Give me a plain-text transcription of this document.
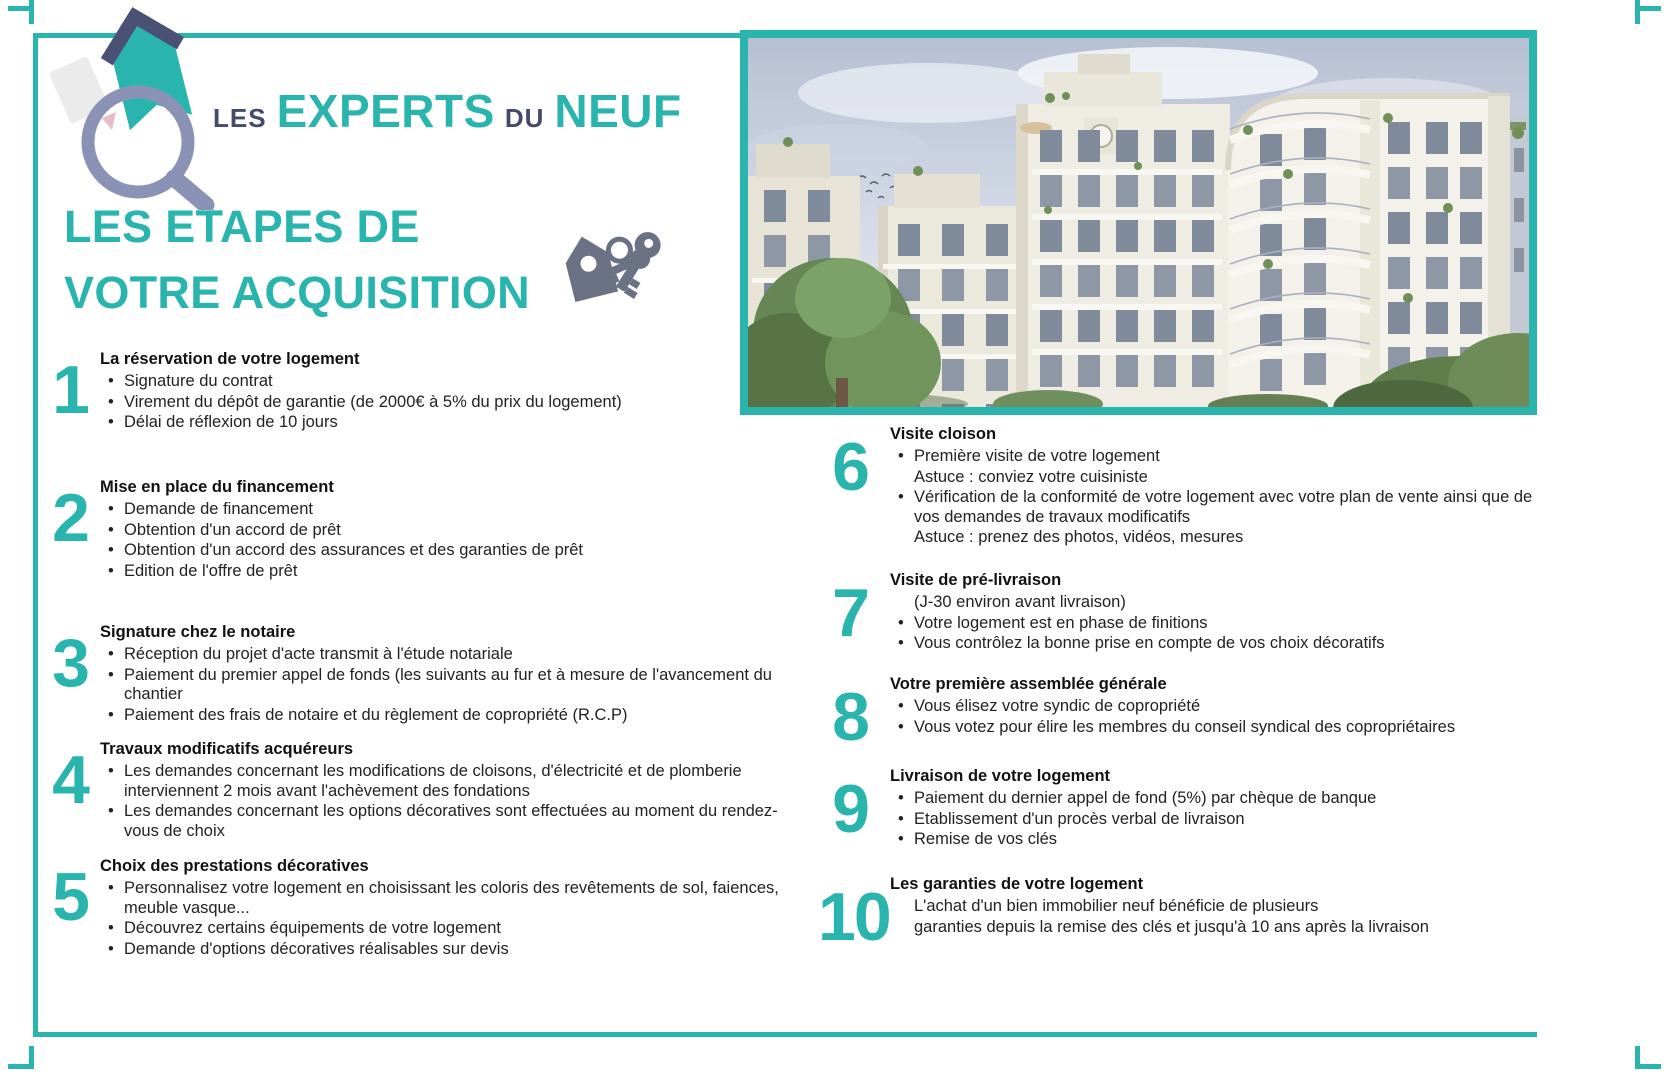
LES EXPERTS DU NEUF
LES ETAPES DE
VOTRE ACQUISITION
1 La réservation de votre logement
• Signature du contrat
• Virement du dépôt de garantie (de 2000€ à 5% du prix du logement)
• Délai de réflexion de 10 jours
2 Mise en place du financement
• Demande de financement
• Obtention d'un accord de prêt
• Obtention d'un accord des assurances et des garanties de prêt
• Edition de l'offre de prêt
3 Signature chez le notaire
• Réception du projet d'acte transmit à l'étude notariale
• Paiement du premier appel de fonds (les suivants au fur et à mesure de l'avancement du chantier
• Paiement des frais de notaire et du règlement de copropriété (R.C.P)
4 Travaux modificatifs acquéreurs
• Les demandes concernant les modifications de cloisons, d'électricité et de plomberie interviennent 2 mois avant l'achèvement des fondations
• Les demandes concernant les options décoratives sont effectuées au moment du rendez-vous de choix
5 Choix des prestations décoratives
• Personnalisez votre logement en choisissant les coloris des revêtements de sol, faiences, meuble vasque...
• Découvrez certains équipements de votre logement
• Demande d'options décoratives réalisables sur devis
6	Visite cloison
• Première visite de votre logement
Astuce : conviez votre cuisiniste
• Vérification de la conformité de votre logement avec votre plan de vente ainsi que de vos demandes de travaux modificatifs
Astuce : prenez des photos, vidéos, mesures
7	Visite de pré-livraison
(J-30 environ avant livraison)
• Votre logement est en phase de finitions
• Vous contrôlez la bonne prise en compte de vos choix décoratifs
8	Votre première assemblée générale
• Vous élisez votre syndic de copropriété
• Vous votez pour élire les membres du conseil syndical des copropriétaires
9	Livraison de votre logement
• Paiement du dernier appel de fond (5%) par chèque de banque
• Etablissement d'un procès verbal de livraison
• Remise de vos clés
10 Les garanties de votre logement
L'achat d'un bien immobilier neuf bénéficie de plusieurs
garanties depuis la remise des clés et jusqu'à 10 ans après la livraison
